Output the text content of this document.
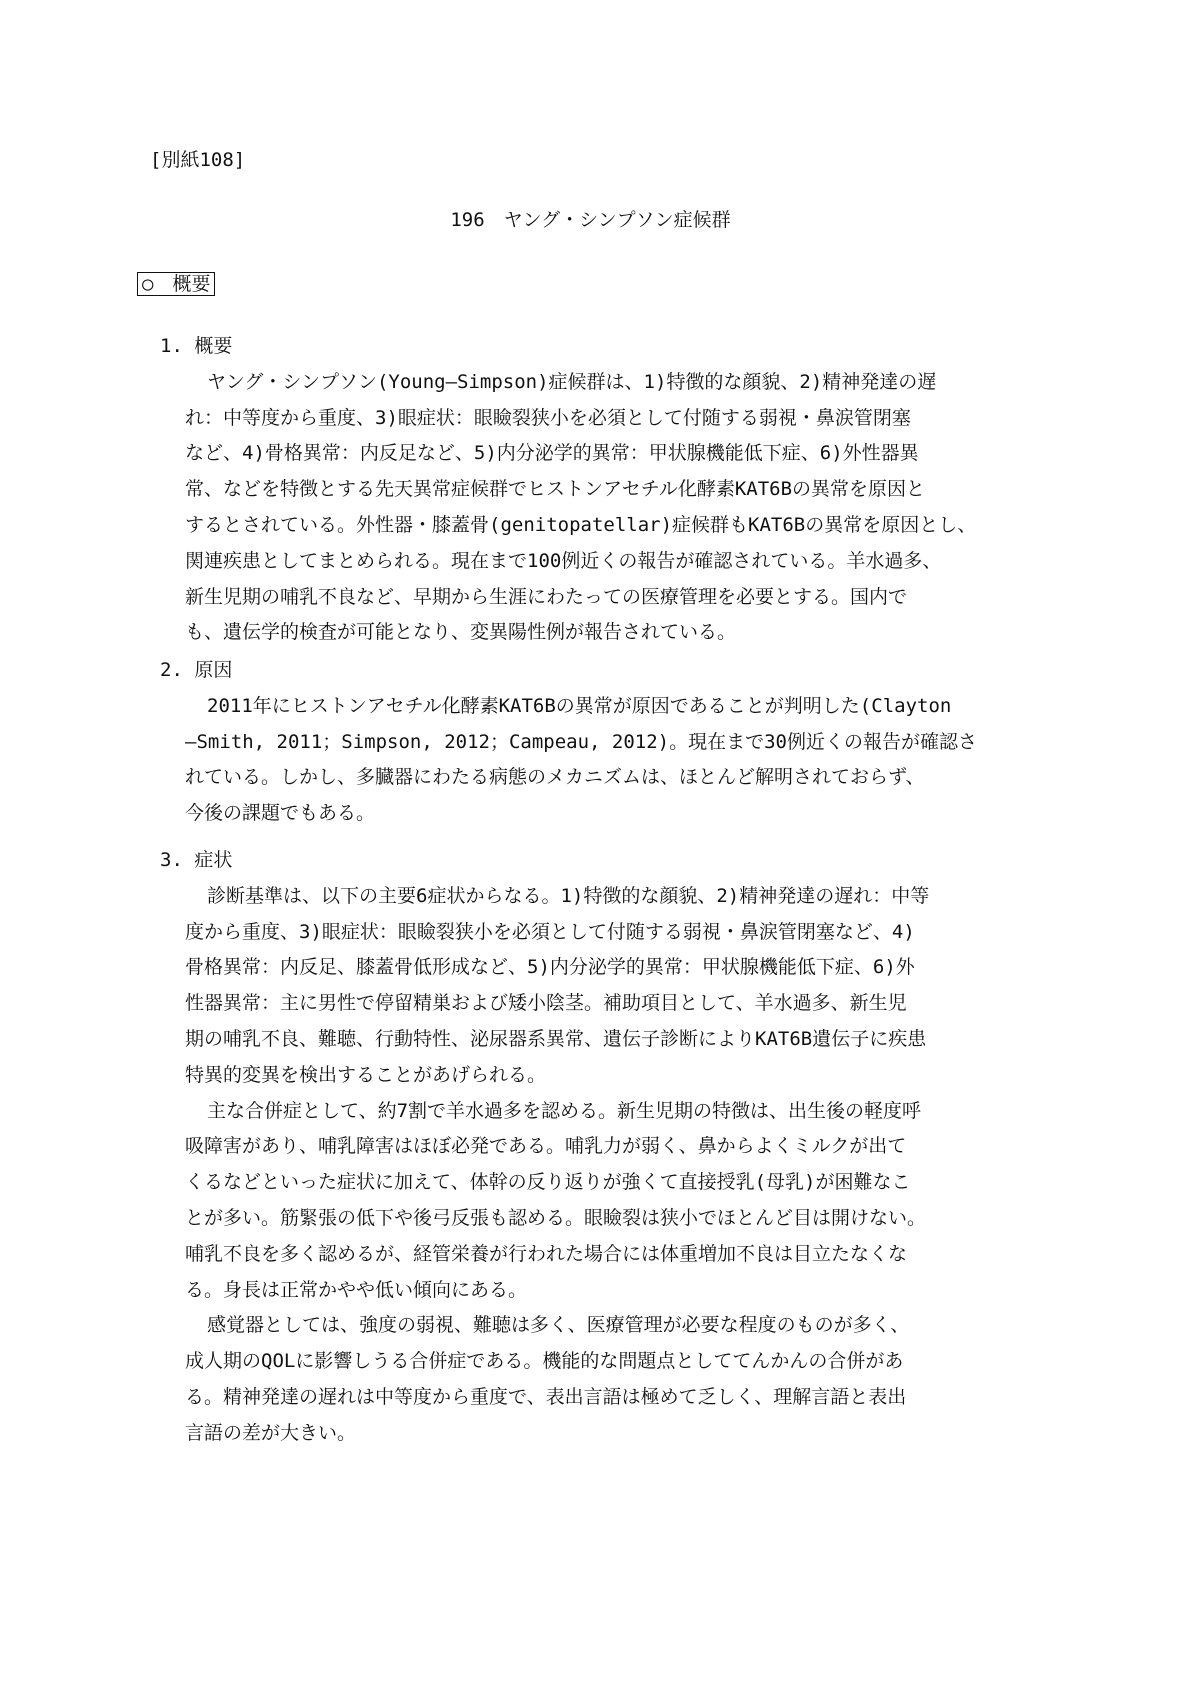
[別紙108]
196　ヤング・シンプソン症候群
○　概要
1. 概要
ヤング・シンプソン(Young―Simpson)症候群は、1)特徴的な顔貌、2)精神発達の遅
れ：中等度から重度、3)眼症状：眼瞼裂狭小を必須として付随する弱視・鼻涙管閉塞
など、4)骨格異常：内反足など、5)内分泌学的異常：甲状腺機能低下症、6)外性器異
常、などを特徴とする先天異常症候群でヒストンアセチル化酵素KAT6Bの異常を原因と
するとされている。外性器・膝蓋骨(genitopatellar)症候群もKAT6Bの異常を原因とし、
関連疾患としてまとめられる。現在まで100例近くの報告が確認されている。羊水過多、
新生児期の哺乳不良など、早期から生涯にわたっての医療管理を必要とする。国内で
も、遺伝学的検査が可能となり、変異陽性例が報告されている。
2. 原因
2011年にヒストンアセチル化酵素KAT6Bの異常が原因であることが判明した(Clayton
―Smith, 2011；Simpson, 2012；Campeau, 2012)。現在まで30例近くの報告が確認さ
れている。しかし、多臓器にわたる病態のメカニズムは、ほとんど解明されておらず、
今後の課題でもある。
3. 症状
診断基準は、以下の主要6症状からなる。1)特徴的な顔貌、2)精神発達の遅れ：中等
度から重度、3)眼症状：眼瞼裂狭小を必須として付随する弱視・鼻涙管閉塞など、4)
骨格異常：内反足、膝蓋骨低形成など、5)内分泌学的異常：甲状腺機能低下症、6)外
性器異常：主に男性で停留精巣および矮小陰茎。補助項目として、羊水過多、新生児
期の哺乳不良、難聴、行動特性、泌尿器系異常、遺伝子診断によりKAT6B遺伝子に疾患
特異的変異を検出することがあげられる。
主な合併症として、約7割で羊水過多を認める。新生児期の特徴は、出生後の軽度呼
吸障害があり、哺乳障害はほぼ必発である。哺乳力が弱く、鼻からよくミルクが出て
くるなどといった症状に加えて、体幹の反り返りが強くて直接授乳(母乳)が困難なこ
とが多い。筋緊張の低下や後弓反張も認める。眼瞼裂は狭小でほとんど目は開けない。
哺乳不良を多く認めるが、経管栄養が行われた場合には体重増加不良は目立たなくな
る。身長は正常かやや低い傾向にある。
感覚器としては、強度の弱視、難聴は多く、医療管理が必要な程度のものが多く、
成人期のQOLに影響しうる合併症である。機能的な問題点としててんかんの合併があ
る。精神発達の遅れは中等度から重度で、表出言語は極めて乏しく、理解言語と表出
言語の差が大きい。
